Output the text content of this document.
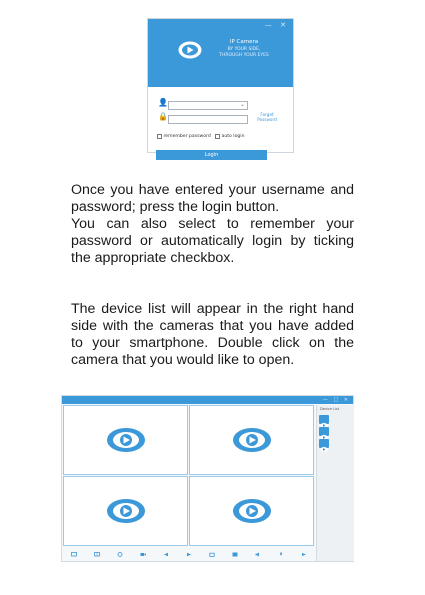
— ✕
IP Camera
BY YOUR SIDE,
THROUGH YOUR EYES
👤	⌄
🔒	Forget
Password
remember password auto login
Login

Once you have entered your username and password; press the login button.

You can also select to remember your password or automatically login by ticking the appropriate checkbox.

The device list will appear in the right hand side with the cameras that you have added to your smartphone. Double click on the camera that you would like to open.

— □ ✕
Device List
